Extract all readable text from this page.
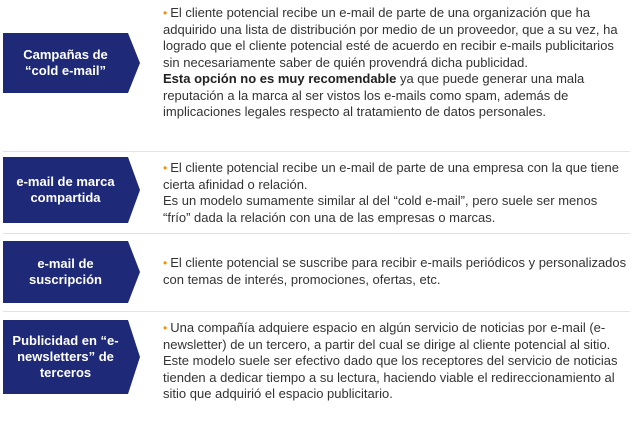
Campañas de “cold e-mail”
• El cliente potencial recibe un e-mail de parte de una organización que ha adquirido una lista de distribución por medio de un proveedor, que a su vez, ha logrado que el cliente potencial esté de acuerdo en recibir e-mails publicitarios sin necesariamente saber de quién provendrá dicha publicidad.
Esta opción no es muy recomendable ya que puede generar una mala reputación a la marca al ser vistos los e-mails como spam, además de implicaciones legales respecto al tratamiento de datos personales.
e-mail de marca compartida
• El cliente potencial recibe un e-mail de parte de una empresa con la que tiene cierta afinidad o relación.
Es un modelo sumamente similar al del “cold e-mail”, pero suele ser menos “frío” dada la relación con una de las empresas o marcas.
e-mail de suscripción
• El cliente potencial se suscribe para recibir e-mails periódicos y personalizados con temas de interés, promociones, ofertas, etc.
Publicidad en “e-newsletters” de terceros
• Una compañía adquiere espacio en algún servicio de noticias por e-mail (e-newsletter) de un tercero, a partir del cual se dirige al cliente potencial al sitio.
Este modelo suele ser efectivo dado que los receptores del servicio de noticias tienden a dedicar tiempo a su lectura, haciendo viable el redireccionamiento al sitio que adquirió el espacio publicitario.
